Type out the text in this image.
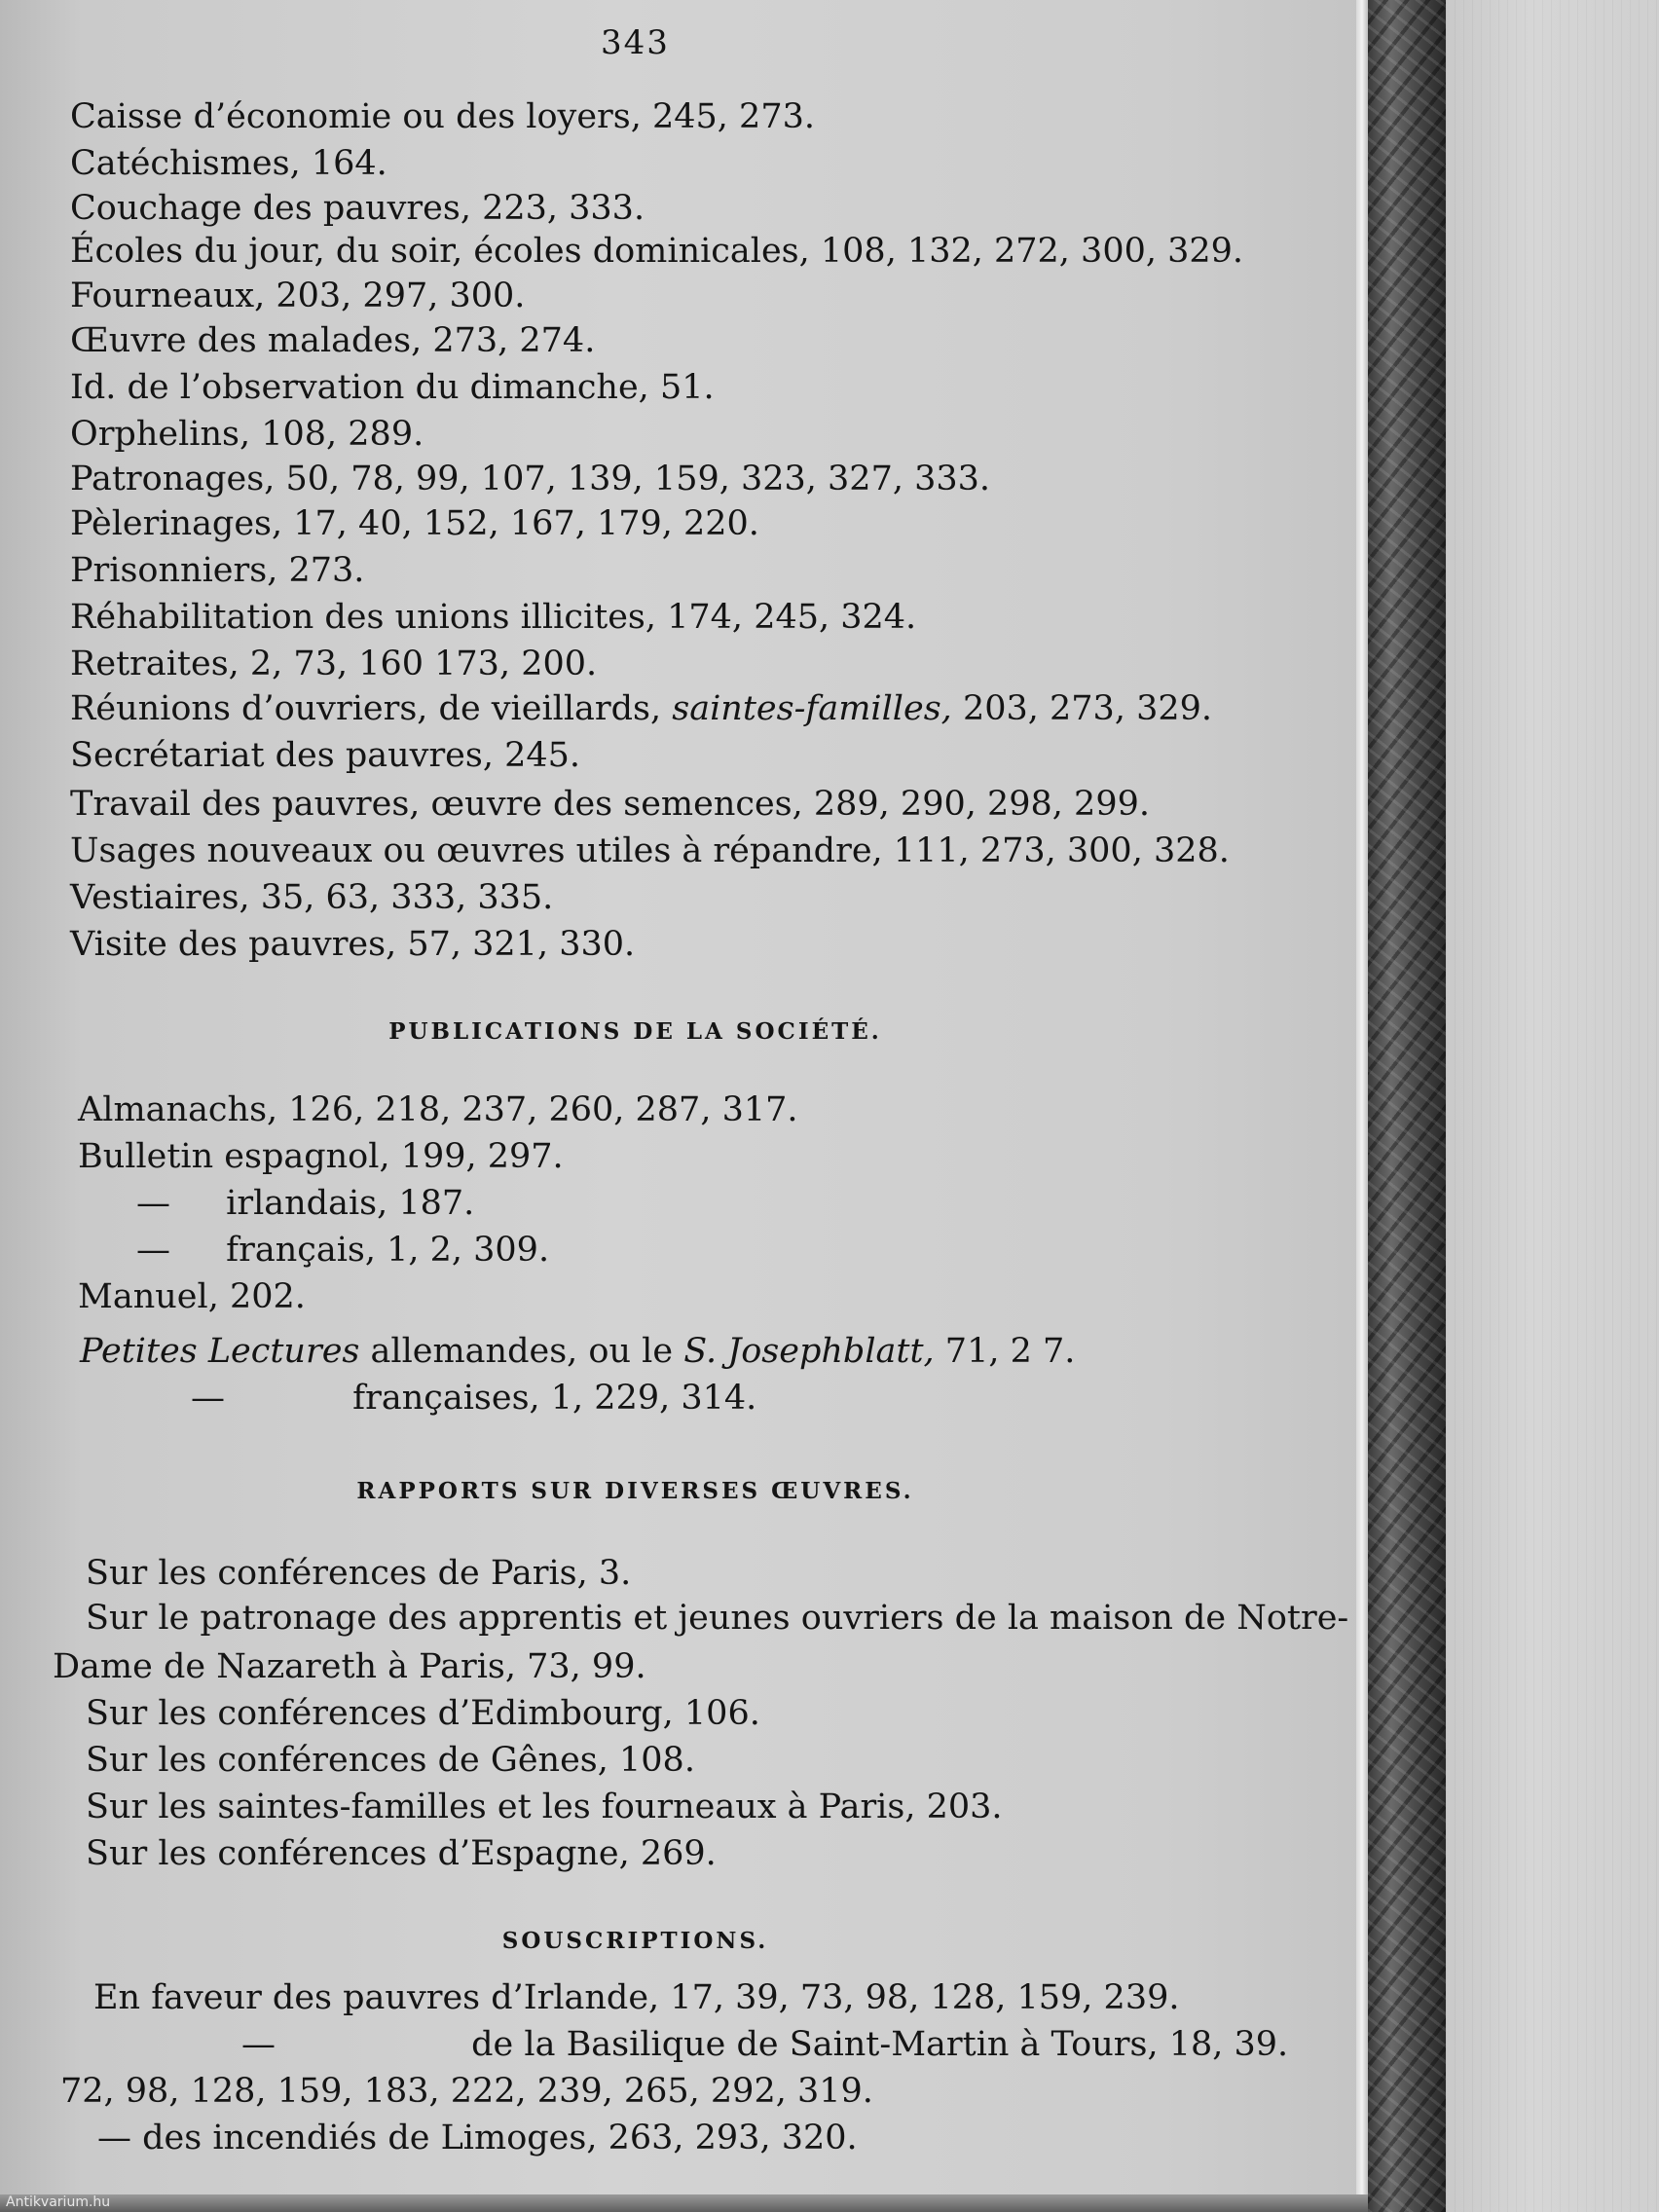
343

Caisse d’économie ou des loyers, 245, 273.

Catéchismes, 164.

Couchage des pauvres, 223, 333.

Écoles du jour, du soir, écoles dominicales, 108, 132, 272, 300, 329.

Fourneaux, 203, 297, 300.

Œuvre des malades, 273, 274.

Id. de l’observation du dimanche, 51.

Orphelins, 108, 289.

Patronages, 50, 78, 99, 107, 139, 159, 323, 327, 333.

Pèlerinages, 17, 40, 152, 167, 179, 220.

Prisonniers, 273.

Réhabilitation des unions illicites, 174, 245, 324.

Retraites, 2, 73, 160 173, 200.

Réunions d’ouvriers, de vieillards, saintes-familles, 203, 273, 329.

Secrétariat des pauvres, 245.

Travail des pauvres, œuvre des semences, 289, 290, 298, 299.

Usages nouveaux ou œuvres utiles à répandre, 111, 273, 300, 328.

Vestiaires, 35, 63, 333, 335.

Visite des pauvres, 57, 321, 330.

PUBLICATIONS DE LA SOCIÉTÉ.

Almanachs, 126, 218, 237, 260, 287, 317.

Bulletin espagnol, 199, 297.

— irlandais, 187.

— français, 1, 2, 309.

Manuel, 202.

Petites Lectures allemandes, ou le S. Josephblatt, 71, 2 7.

—	françaises, 1, 229, 314.

RAPPORTS SUR DIVERSES ŒUVRES.

Sur les conférences de Paris, 3.

Sur le patronage des apprentis et jeunes ouvriers de la maison de Notre-

Dame de Nazareth à Paris, 73, 99.

Sur les conférences d’Edimbourg, 106.

Sur les conférences de Gênes, 108.

Sur les saintes-familles et les fourneaux à Paris, 203.

Sur les conférences d’Espagne, 269.

SOUSCRIPTIONS.

En faveur des pauvres d’Irlande, 17, 39, 73, 98, 128, 159, 239.

—	de la Basilique de Saint-Martin à Tours, 18, 39.

72, 98, 128, 159, 183, 222, 239, 265, 292, 319.

— des incendiés de Limoges, 263, 293, 320.

Antikvarium.hu
